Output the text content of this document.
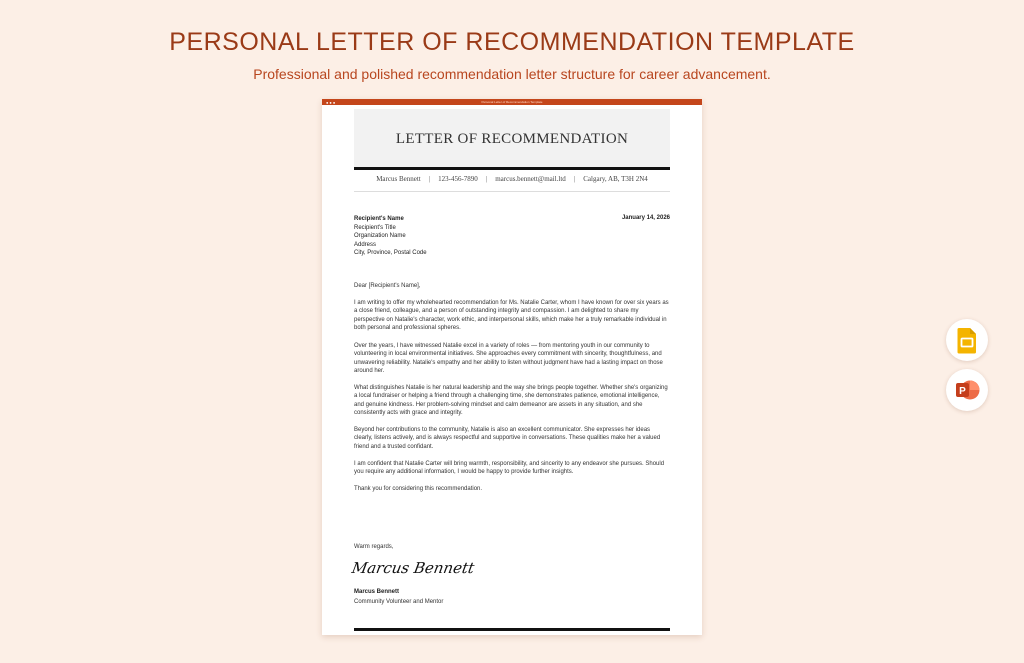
PERSONAL LETTER OF RECOMMENDATION TEMPLATE
Professional and polished recommendation letter structure for career advancement.
●●●	Personal Letter of Recommendation Template
LETTER OF RECOMMENDATION
Marcus Bennett | 123-456-7890 | marcus.bennett@mail.ltd | Calgary, AB, T3H 2N4
Recipient's Name
Recipient's Title
Organization Name
Address
City, Province, Postal Code
January 14, 2026
Dear [Recipient's Name],
I am writing to offer my wholehearted recommendation for Ms. Natalie Carter, whom I have known for over six years as a close friend, colleague, and a person of outstanding integrity and compassion. I am delighted to share my perspective on Natalie's character, work ethic, and interpersonal skills, which make her a truly remarkable individual in both personal and professional spheres.
Over the years, I have witnessed Natalie excel in a variety of roles — from mentoring youth in our community to volunteering in local environmental initiatives. She approaches every commitment with sincerity, thoughtfulness, and unwavering reliability. Natalie's empathy and her ability to listen without judgment have had a lasting impact on those around her.
What distinguishes Natalie is her natural leadership and the way she brings people together. Whether she's organizing a local fundraiser or helping a friend through a challenging time, she demonstrates patience, emotional intelligence, and genuine kindness. Her problem-solving mindset and calm demeanor are assets in any situation, and she consistently acts with grace and integrity.
Beyond her contributions to the community, Natalie is also an excellent communicator. She expresses her ideas clearly, listens actively, and is always respectful and supportive in conversations. These qualities make her a valued friend and a trusted confidant.
I am confident that Natalie Carter will bring warmth, responsibility, and sincerity to any endeavor she pursues. Should you require any additional information, I would be happy to provide further insights.
Thank you for considering this recommendation.
Warm regards,
Marcus Bennett
Marcus Bennett
Community Volunteer and Mentor
P
